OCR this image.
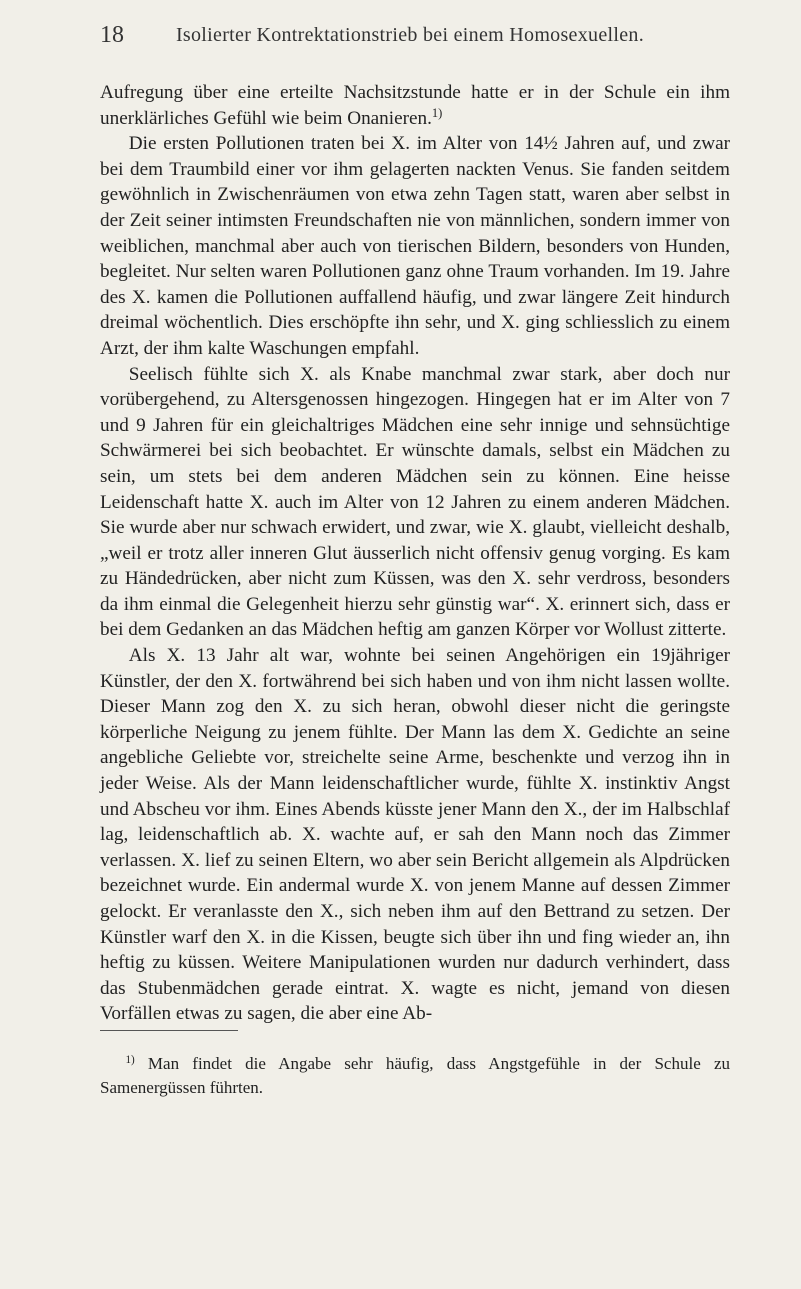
18	Isolierter Kontrektationstrieb bei einem Homosexuellen.

Aufregung über eine erteilte Nachsitzstunde hatte er in der Schule ein ihm unerklärliches Gefühl wie beim Onanieren.$^{1)}$

Die ersten Pollutionen traten bei X. im Alter von 14½ Jahren auf, und zwar bei dem Traumbild einer vor ihm gelagerten nackten Venus. Sie fanden seitdem gewöhnlich in Zwischenräumen von etwa zehn Tagen statt, waren aber selbst in der Zeit seiner intimsten Freundschaften nie von männlichen, sondern immer von weiblichen, manchmal aber auch von tierischen Bildern, besonders von Hunden, begleitet. Nur selten waren Pollutionen ganz ohne Traum vorhanden. Im 19. Jahre des X. kamen die Pollutionen auffallend häufig, und zwar längere Zeit hindurch dreimal wöchentlich. Dies erschöpfte ihn sehr, und X. ging schliesslich zu einem Arzt, der ihm kalte Waschungen empfahl.

Seelisch fühlte sich X. als Knabe manchmal zwar stark, aber doch nur vorübergehend, zu Altersgenossen hingezogen. Hingegen hat er im Alter von 7 und 9 Jahren für ein gleichaltriges Mädchen eine sehr innige und sehnsüchtige Schwärmerei bei sich beobachtet. Er wünschte damals, selbst ein Mädchen zu sein, um stets bei dem anderen Mädchen sein zu können. Eine heisse Leidenschaft hatte X. auch im Alter von 12 Jahren zu einem anderen Mädchen. Sie wurde aber nur schwach erwidert, und zwar, wie X. glaubt, vielleicht deshalb, „weil er trotz aller inneren Glut äusserlich nicht offensiv genug vorging. Es kam zu Händedrücken, aber nicht zum Küssen, was den X. sehr verdross, besonders da ihm einmal die Gelegenheit hierzu sehr günstig war“. X. erinnert sich, dass er bei dem Gedanken an das Mädchen heftig am ganzen Körper vor Wollust zitterte.

Als X. 13 Jahr alt war, wohnte bei seinen Angehörigen ein 19jähriger Künstler, der den X. fortwährend bei sich haben und von ihm nicht lassen wollte. Dieser Mann zog den X. zu sich heran, obwohl dieser nicht die geringste körperliche Neigung zu jenem fühlte. Der Mann las dem X. Gedichte an seine angebliche Geliebte vor, streichelte seine Arme, beschenkte und verzog ihn in jeder Weise. Als der Mann leidenschaftlicher wurde, fühlte X. instinktiv Angst und Abscheu vor ihm. Eines Abends küsste jener Mann den X., der im Halbschlaf lag, leidenschaftlich ab. X. wachte auf, er sah den Mann noch das Zimmer verlassen. X. lief zu seinen Eltern, wo aber sein Bericht allgemein als Alpdrücken bezeichnet wurde. Ein andermal wurde X. von jenem Manne auf dessen Zimmer gelockt. Er veranlasste den X., sich neben ihm auf den Bettrand zu setzen. Der Künstler warf den X. in die Kissen, beugte sich über ihn und fing wieder an, ihn heftig zu küssen. Weitere Manipulationen wurden nur dadurch verhindert, dass das Stubenmädchen gerade eintrat. X. wagte es nicht, jemand von diesen Vorfällen etwas zu sagen, die aber eine Ab-

$^{1)}$ Man findet die Angabe sehr häufig, dass Angstgefühle in der Schule zu Samenergüssen führten.
